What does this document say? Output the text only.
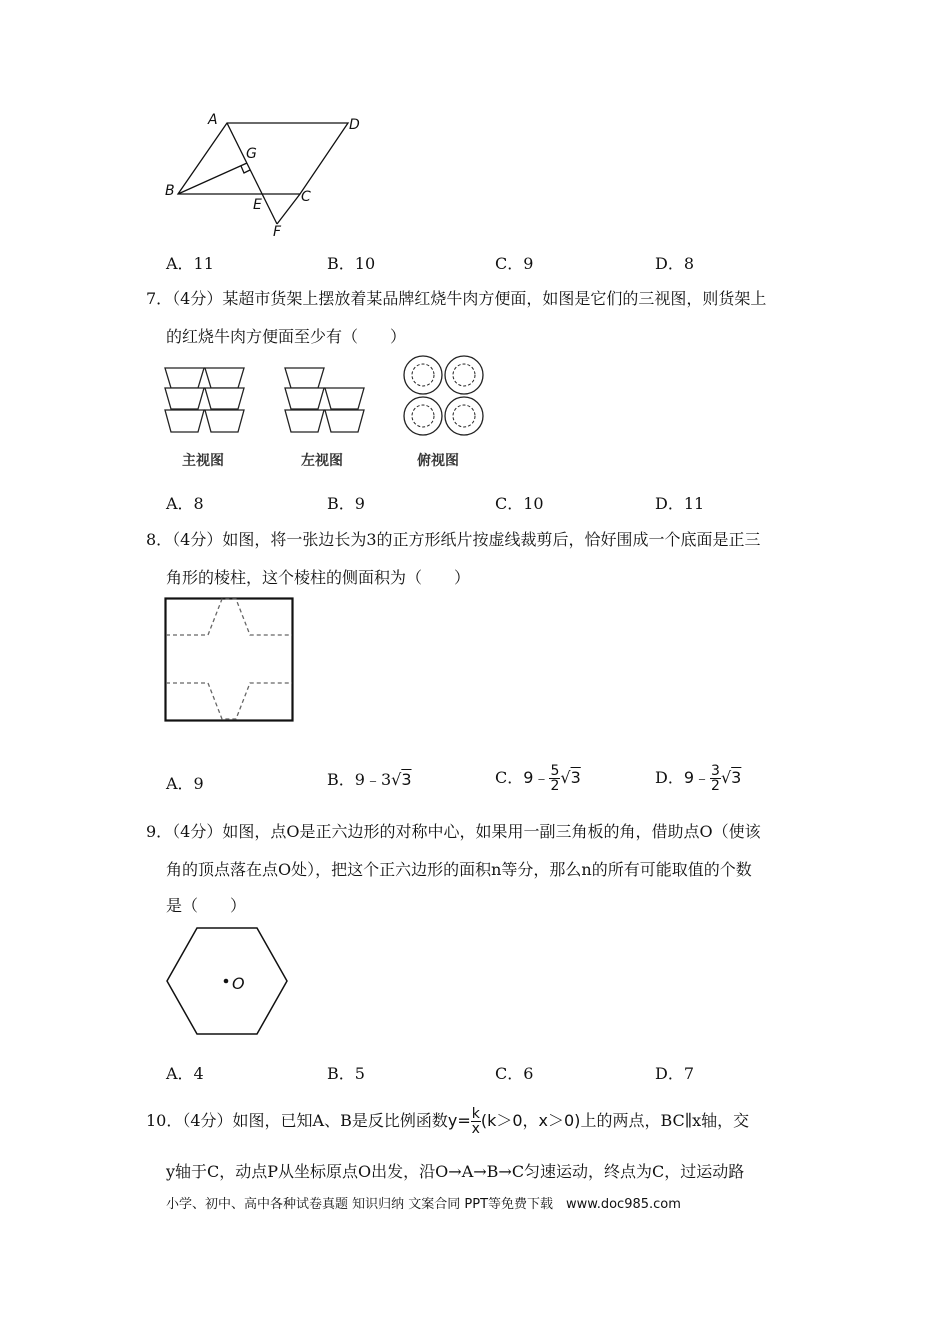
A	D
G
B
E	C
F
A．11	B．10	C．9	D．8
7．（4分）某超市货架上摆放着某品牌红烧牛肉方便面，如图是它们的三视图，则货架上
的红烧牛肉方便面至少有（　　）
主视图	左视图	俯视图
A．8	B．9	C．10	D．11
8．（4分）如图，将一张边长为3的正方形纸片按虚线裁剪后，恰好围成一个底面是正三
角形的棱柱，这个棱柱的侧面积为（　　）
A．9	B．9﹣3√3	C．9﹣ $\frac{5}{2} √3$	D．9﹣ $\frac{3}{2} √3$
9．（4分）如图，点O是正六边形的对称中心，如果用一副三角板的角，借助点O（使该
角的顶点落在点O处），把这个正六边形的面积n等分，那么n的所有可能取值的个数
是（　　）
O
A．4	B．5	C．6	D．7
10．（4分）如图，已知A、B是反比例函数$y= \frac{k}{x} (k>0$，x＞0)上的两点，BC∥x轴，交
y轴于C，动点P从坐标原点O出发，沿O→A→B→C匀速运动，终点为C，过运动路
小学、初中、高中各种试卷真题 知识归纳 文案合同 PPT等免费下载　www.doc985.com
